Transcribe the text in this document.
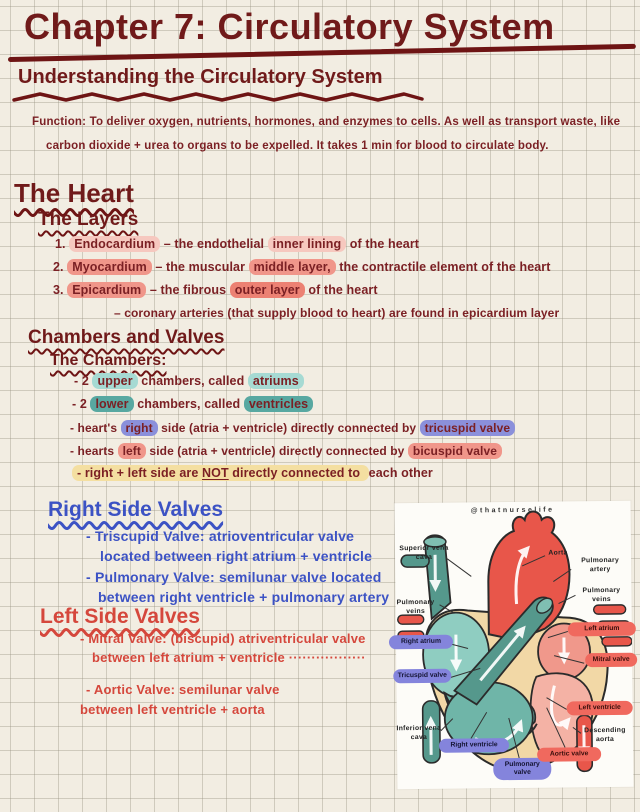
Chapter 7: Circulatory System
Understanding the Circulatory System
Function: To deliver oxygen, nutrients, hormones, and enzymes to cells. As well as transport waste, like
carbon dioxide + urea to organs to be expelled. It takes 1 min for blood to circulate body.
The Heart
The Layers
1. Endocardium – the endothelial inner lining of the heart
2. Myocardium – the muscular middle layer, the contractile element of the heart
3. Epicardium – the fibrous outer layer of the heart
– coronary arteries (that supply blood to heart) are found in epicardium layer
Chambers and Valves
The Chambers:
- 2 upper chambers, called atriums
- 2 lower chambers, called ventricles
- heart's right side (atria + ventricle) directly connected by tricuspid valve
- hearts left side (atria + ventricle) directly connected by bicuspid valve
- right + left side are NOT directly connected to each other
Right Side Valves
- Triscupid Valve: atrioventricular valve
located between right atrium + ventricle
- Pulmonary Valve: semilunar valve located
between right ventricle + pulmonary artery
Left Side Valves
- Mitral Valve: (biscupid) atriventricular valve
between left atrium + ventricle ·················
- Aortic Valve: semilunar valve
between left ventricle + aorta
@thatnurselife
Superior vena cava
Aorta
Pulmonary artery
Pulmonary veins
Pulmonary veins
Inferior vena cava
Descending aorta
Right atrium
Tricuspid valve
Right ventricle
Pulmonary valve
Left atrium
Mitral valve
Left ventricle
Aortic valve
